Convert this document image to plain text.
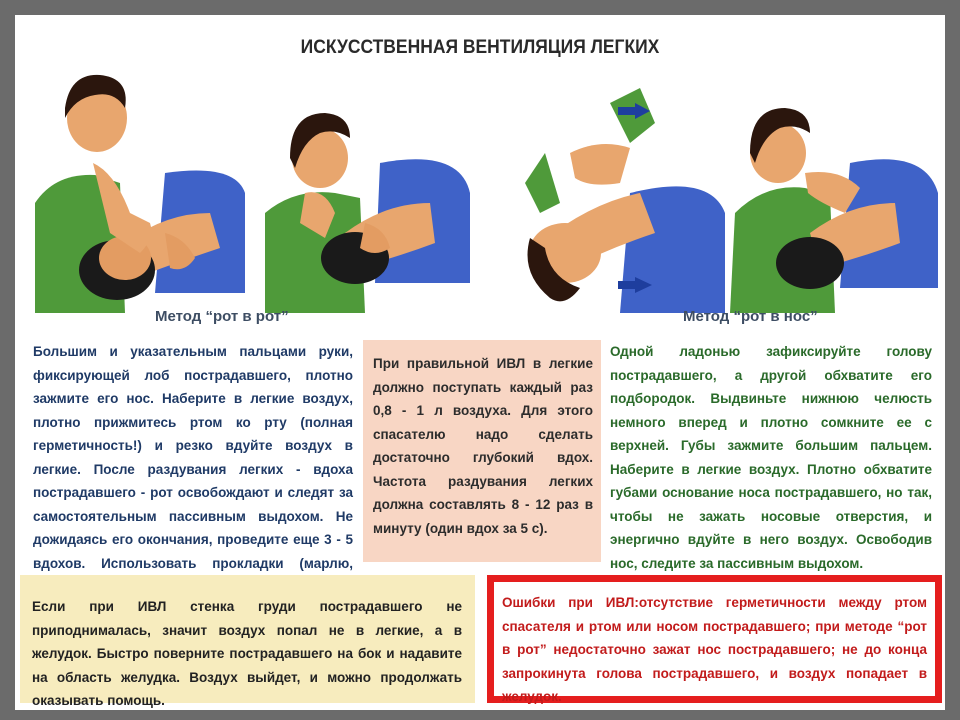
ИСКУССТВЕННАЯ ВЕНТИЛЯЦИЯ ЛЕГКИХ
Метод “рот в рот”	Метод “рот в нос”
Большим и указательным пальцами руки, фиксирующей лоб пострадавшего, плотно зажмите его нос. Наберите в легкие воздух, плотно прижмитесь ртом ко рту (полная герметичность!) и резко вдуйте воздух в легкие. После раздувания легких - вдоха пострадавшего - рот освобождают и следят за самостоятельным пассивным выдохом. Не дожидаясь его окончания, проведите еще 3 - 5 вдохов. Использовать прокладки (марлю,
При правильной ИВЛ в легкие должно поступать каждый раз 0,8 - 1 л воздуха. Для этого спасателю надо сделать достаточно глубокий вдох. Частота раздувания легких должна составлять 8 - 12 раз в минуту (один вдох за 5 с).
Одной ладонью зафиксируйте голову пострадавшего, а другой обхватите его подбородок. Выдвиньте нижнюю челюсть немного вперед и плотно сомкните ее с верхней. Губы зажмите большим пальцем. Наберите в легкие воздух. Плотно обхватите губами основание носа пострадавшего, но так, чтобы не зажать носовые отверстия, и энергично вдуйте в него воздух. Освободив нос, следите за пассивным выдохом.
Если при ИВЛ стенка груди пострадавшего не приподнималась, значит воздух попал не в легкие, а в желудок. Быстро поверните пострадавшего на бок и надавите на область желудка. Воздух выйдет, и можно продолжать оказывать помощь.
Ошибки при ИВЛ:отсутствие герметичности между ртом спасателя и ртом или носом пострадавшего; при методе “рот в рот” недостаточно зажат нос пострадавшего; не до конца запрокинута голова пострадавшего, и воздух попадает в желудок.
